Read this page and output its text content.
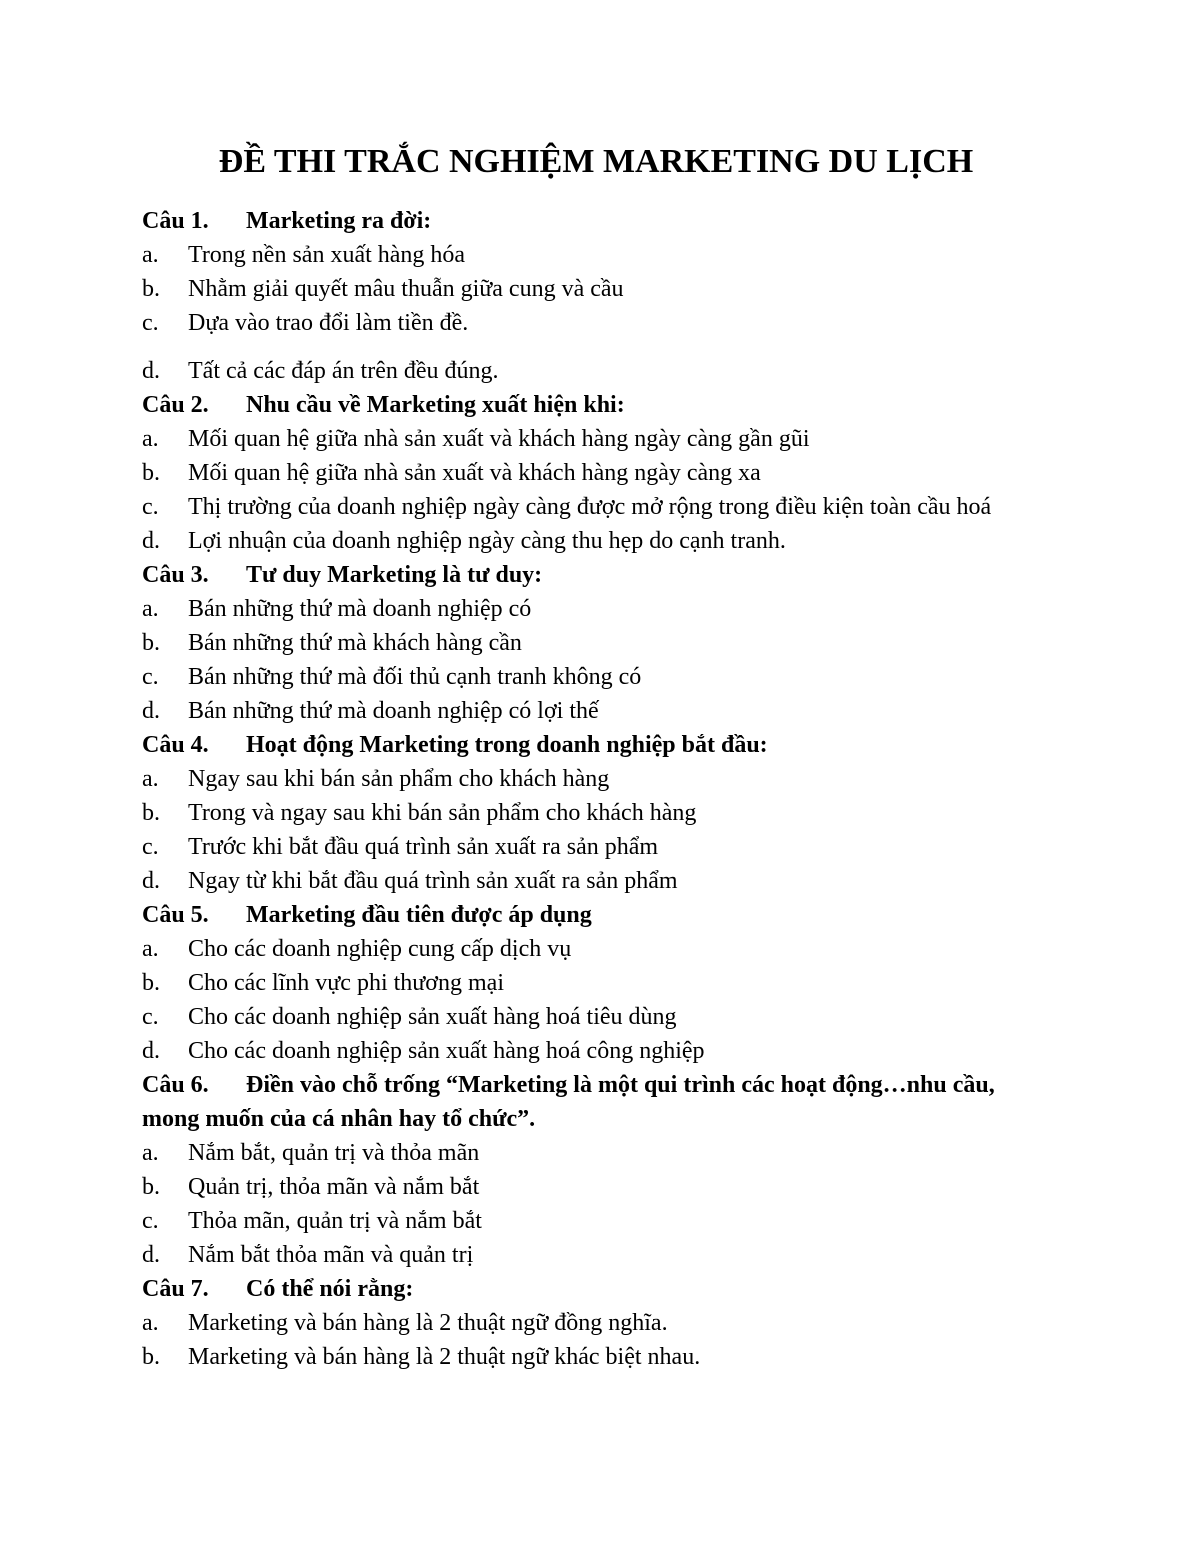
ĐỀ THI TRẮC NGHIỆM MARKETING DU LỊCH
Câu 1. Marketing ra đời:
a. Trong nền sản xuất hàng hóa
b. Nhằm giải quyết mâu thuẫn giữa cung và cầu
c. Dựa vào trao đổi làm tiền đề.
d. Tất cả các đáp án trên đều đúng.
Câu 2. Nhu cầu về Marketing xuất hiện khi:
a. Mối quan hệ giữa nhà sản xuất và khách hàng ngày càng gần gũi
b. Mối quan hệ giữa nhà sản xuất và khách hàng ngày càng xa
c. Thị trường của doanh nghiệp ngày càng được mở rộng trong điều kiện toàn cầu hoá
d. Lợi nhuận của doanh nghiệp ngày càng thu hẹp do cạnh tranh.
Câu 3. Tư duy Marketing là tư duy:
a. Bán những thứ mà doanh nghiệp có
b. Bán những thứ mà khách hàng cần
c. Bán những thứ mà đối thủ cạnh tranh không có
d. Bán những thứ mà doanh nghiệp có lợi thế
Câu 4. Hoạt động Marketing trong doanh nghiệp bắt đầu:
a. Ngay sau khi bán sản phẩm cho khách hàng
b. Trong và ngay sau khi bán sản phẩm cho khách hàng
c. Trước khi bắt đầu quá trình sản xuất ra sản phẩm
d. Ngay từ khi bắt đầu quá trình sản xuất ra sản phẩm
Câu 5. Marketing đầu tiên được áp dụng
a. Cho các doanh nghiệp cung cấp dịch vụ
b. Cho các lĩnh vực phi thương mại
c. Cho các doanh nghiệp sản xuất hàng hoá tiêu dùng
d. Cho các doanh nghiệp sản xuất hàng hoá công nghiệp
Câu 6. Điền vào chỗ trống “Marketing là một qui trình các hoạt động…nhu cầu, mong muốn của cá nhân hay tổ chức”.
a. Nắm bắt, quản trị và thỏa mãn
b. Quản trị, thỏa mãn và nắm bắt
c. Thỏa mãn, quản trị và nắm bắt
d. Nắm bắt thỏa mãn và quản trị
Câu 7. Có thể nói rằng:
a. Marketing và bán hàng là 2 thuật ngữ đồng nghĩa.
b. Marketing và bán hàng là 2 thuật ngữ khác biệt nhau.
